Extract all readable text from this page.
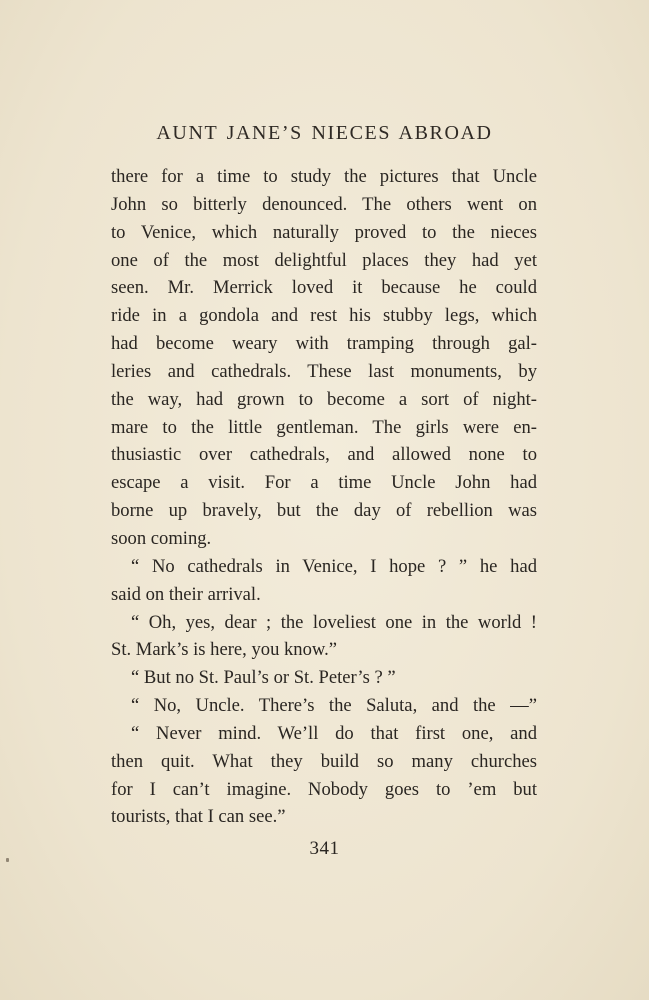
AUNT JANE’S NIECES ABROAD
there for a time to study the pictures that Uncle
John so bitterly denounced. The others went on
to Venice, which naturally proved to the nieces
one of the most delightful places they had yet
seen. Mr. Merrick loved it because he could
ride in a gondola and rest his stubby legs, which
had become weary with tramping through gal-
leries and cathedrals. These last monuments, by
the way, had grown to become a sort of night-
mare to the little gentleman. The girls were en-
thusiastic over cathedrals, and allowed none to
escape a visit. For a time Uncle John had
borne up bravely, but the day of rebellion was
soon coming.
“ No cathedrals in Venice, I hope ? ” he had
said on their arrival.
“ Oh, yes, dear ; the loveliest one in the world !
St. Mark’s is here, you know.”
“ But no St. Paul’s or St. Peter’s ? ”
“ No, Uncle. There’s the Saluta, and the —”
“ Never mind. We’ll do that first one, and
then quit. What they build so many churches
for I can’t imagine. Nobody goes to ’em but
tourists, that I can see.”
341
